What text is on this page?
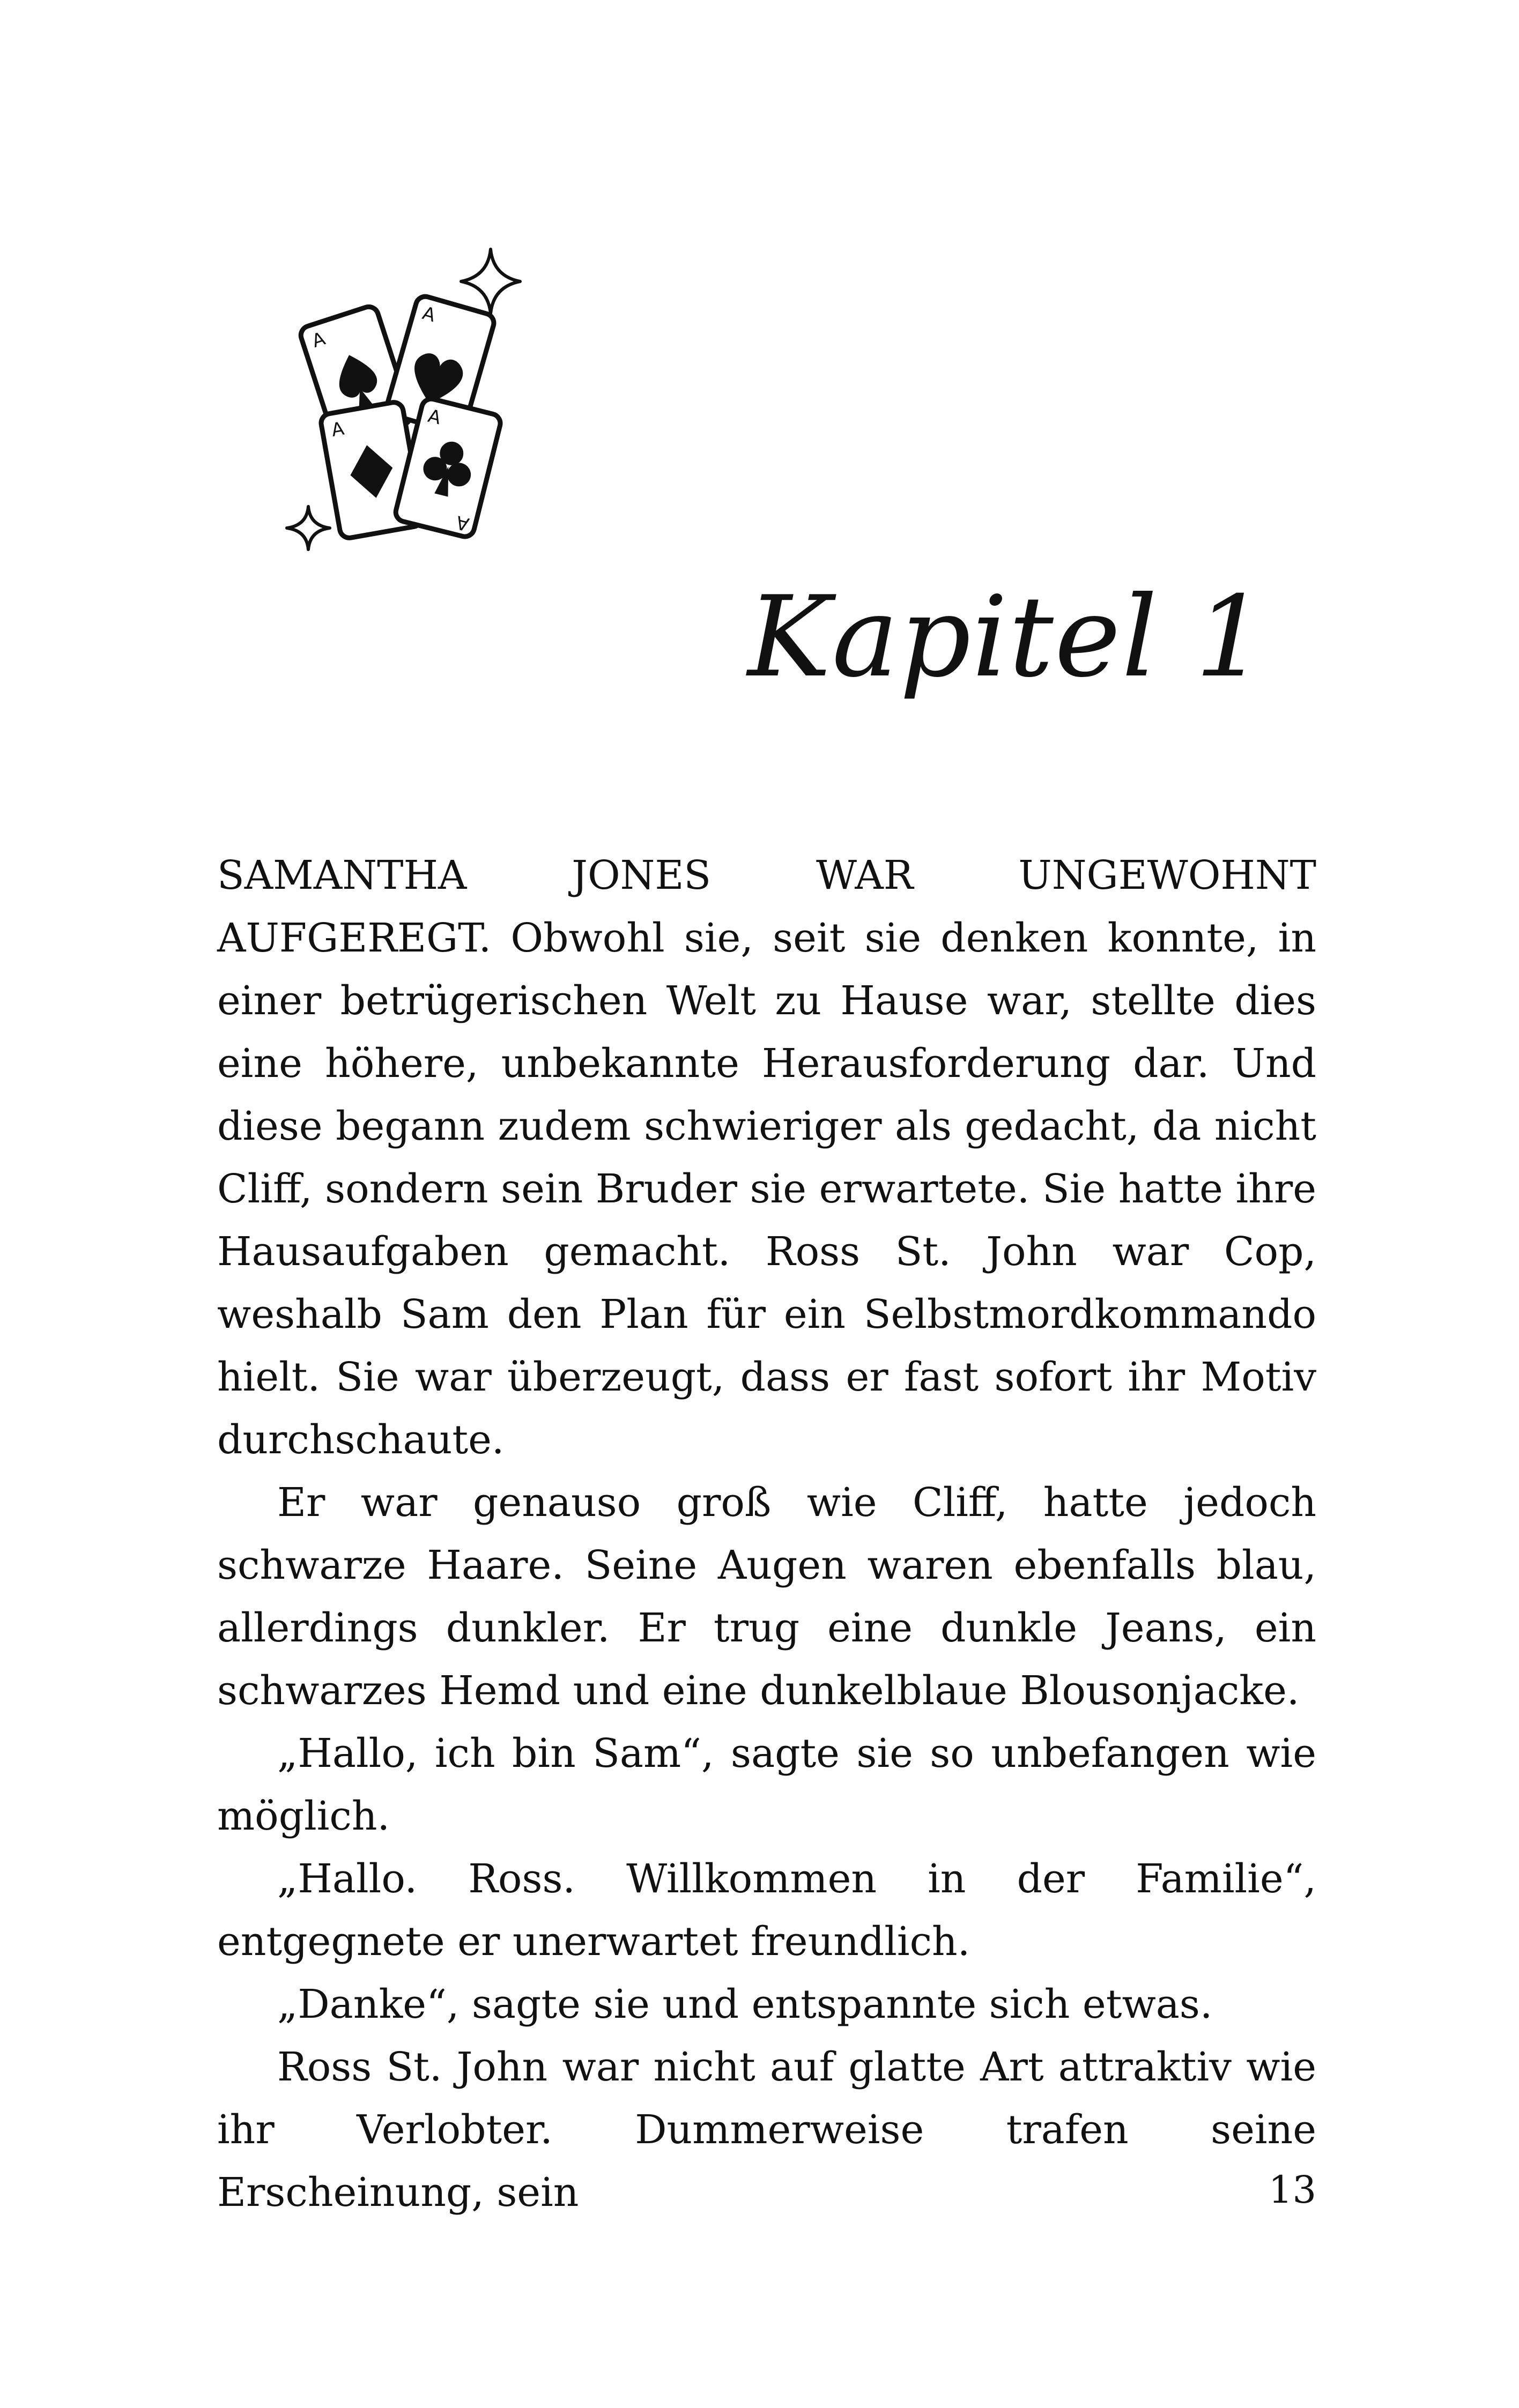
A
A
A
A
A
Kapitel 1

SAMANTHA JONES WAR UNGEWOHNT AUFGEREGT. Obwohl sie, seit sie denken konnte, in einer betrügerischen Welt zu Hause war, stellte dies eine höhere, unbekannte Herausforderung dar. Und diese begann zudem schwieriger als gedacht, da nicht Cliff, sondern sein Bruder sie erwartete. Sie hatte ihre Hausaufgaben gemacht. Ross St. John war Cop, weshalb Sam den Plan für ein Selbstmordkommando hielt. Sie war überzeugt, dass er fast sofort ihr Motiv durchschaute.

Er war genauso groß wie Cliff, hatte jedoch schwarze Haare. Seine Augen waren ebenfalls blau, allerdings dunkler. Er trug eine dunkle Jeans, ein schwarzes Hemd und eine dunkelblaue Blousonjacke.

„Hallo, ich bin Sam“, sagte sie so unbefangen wie möglich.

„Hallo. Ross. Willkommen in der Familie“, entgegnete er unerwartet freundlich.

„Danke“, sagte sie und entspannte sich etwas.

Ross St. John war nicht auf glatte Art attraktiv wie ihr Verlobter. Dummerweise trafen seine Erscheinung, sein	13
